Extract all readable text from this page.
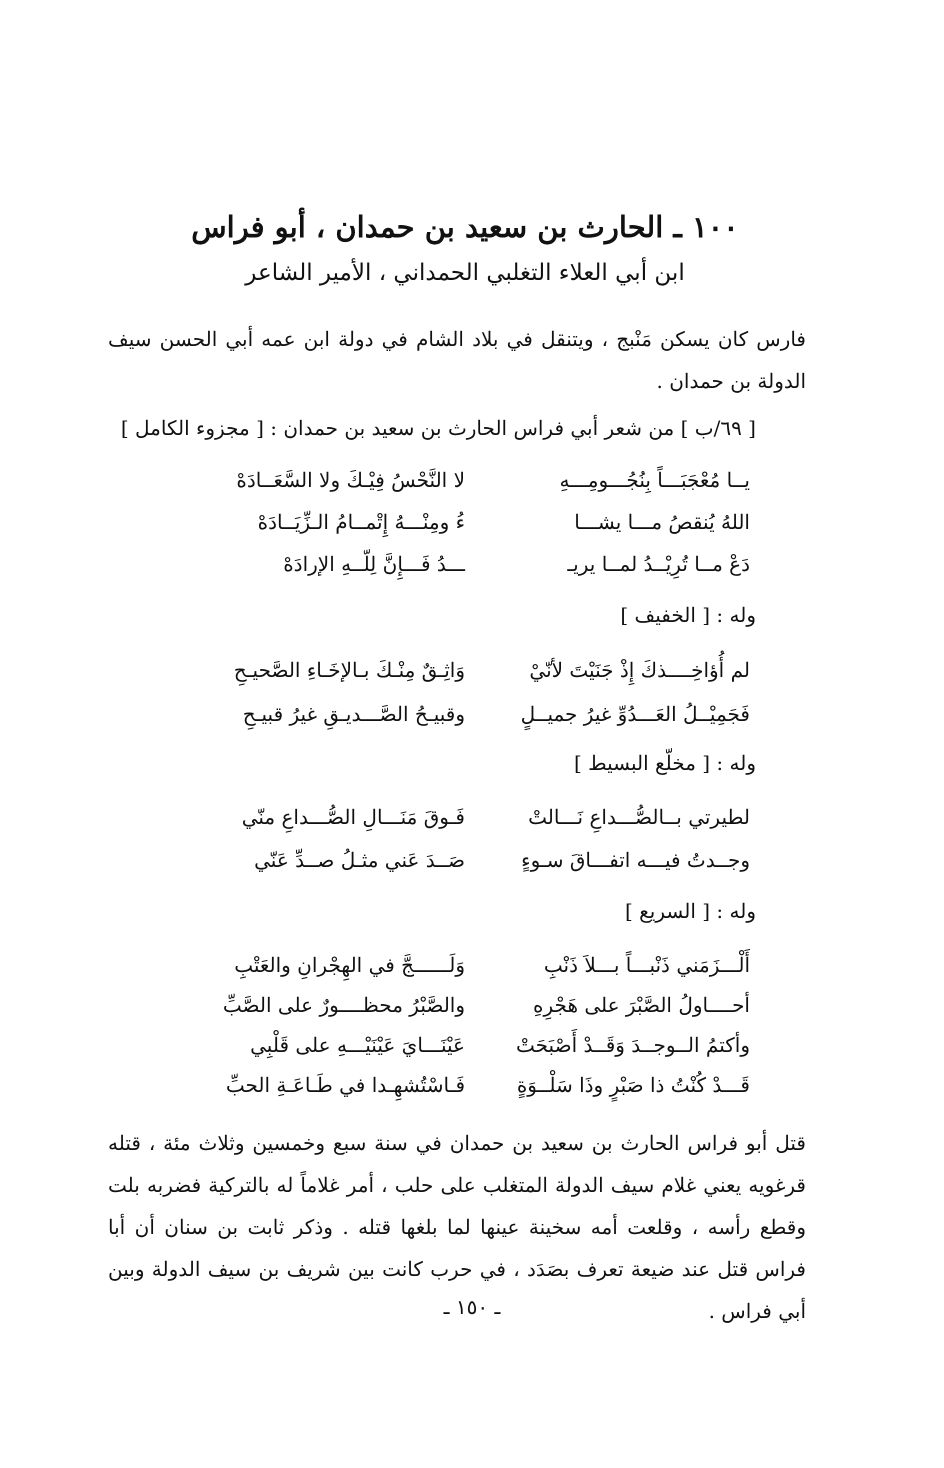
١٠٠ ـ الحارث بن سعيد بن حمدان ، أبو فراس
ابن أبي العلاء التغلبي الحمداني ، الأمير الشاعر
فارس كان يسكن مَنْبج ، ويتنقل في بلاد الشام في دولة ابن عمه أبي الحسن سيف الدولة بن حمدان .
[ ٦٩/ب ] من شعر أبي فراس الحارث بن سعيد بن حمدان : [ مجزوء الكامل ]
يــا مُعْجَبَـــاً بِنُجُـــومِـــهِ
لا النَّحْسُ فِيْـكَ ولا السَّعَــادَهْ
اللهُ يُنقصُ مـــا يشـــا
ءُ ومِنْـــهُ إِتْمــامُ الـزِّيَــادَهْ
دَعْ مــا تُرِيْــدُ لمــا يريـ
ـــدُ فَـــإِنَّ لِلّــهِ الإرادَهْ
وله : [ الخفيف ]
لم أُؤاخِــــذكَ إِذْ جَنَيْتَ لأنّيْ
وَاثِـقٌ مِنْـكَ بـالإخَـاءِ الصَّحيـحِ
فَجَمِيْــلُ العَـــدُوِّ غيرُ جميــلٍ
وقبيـحُ الصَّـــديـقِ غيرُ قبيـحِ
وله : [ مخلّع البسيط ]
لطيرتي بــالصُّـــداعِ نَـــالتْ
فَـوقَ مَنَـــالِ الصُّـــداعِ منّي
وجــدتُ فيـــه اتفـــاقَ سـوءٍ
صَــدَ عَني مثـلُ صــدِّ عَنّي
وله : [ السريع ]
أَلْـــزَمَني ذَنْبـــاً بـــلاَ ذَنْبِ
وَلَــــــجَّ في الهِجْرانِ والعَتْبِ
أحــــاولُ الصَّبْرَ على هَجْرِهِ
والصَّبْرُ محظــــورٌ على الصَّبِّ
وأكتمُ الــوجــدَ وَقَــدْ أَصْبَحَتْ
عَيْنَـــايَ عَيْنَيْـــهِ على قَلْبِي
قَـــدْ كُنْتُ ذا صَبْرٍ وذَا سَلْــوَةٍ
فَـاسْتُشهِـدا في طَـاعَـةِ الحبِّ
قتل أبو فراس الحارث بن سعيد بن حمدان في سنة سبع وخمسين وثلاث مئة ، قتله قرغويه يعني غلام سيف الدولة المتغلب على حلب ، أمر غلاماً له بالتركية فضربه بلت وقطع رأسه ، وقلعت أمه سخينة عينها لما بلغها قتله . وذكر ثابت بن سنان أن أبا فراس قتل عند ضيعة تعرف بصَدَد ، في حرب كانت بين شريف بن سيف الدولة وبين أبي فراس .
ـ ١٥٠ ـ
